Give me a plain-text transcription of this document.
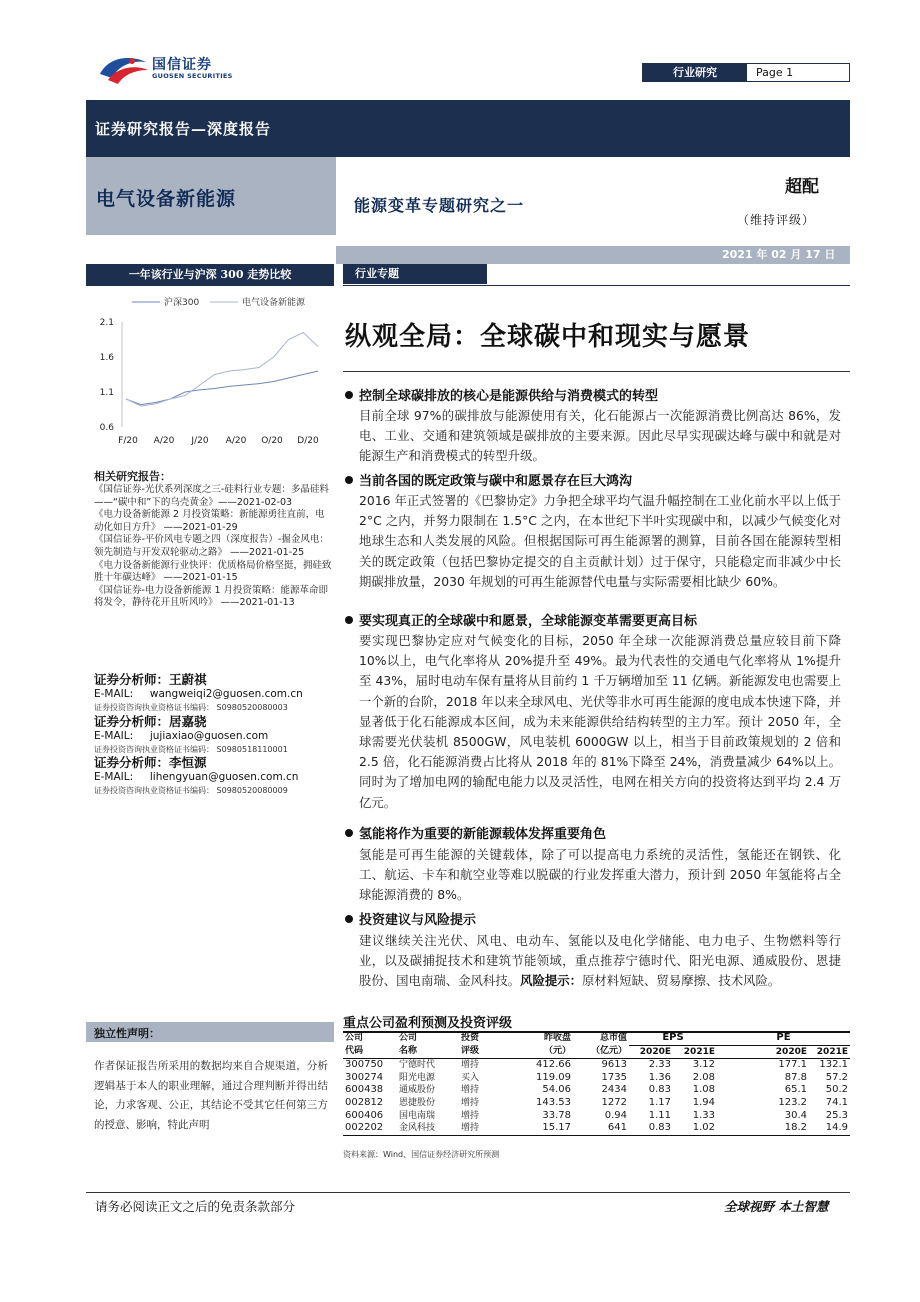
国信证券
GUOSEN SECURITIES	行业研究	Page 1
证券研究报告—深度报告
电气设备新能源	能源变革专题研究之一
超配
（维持评级）
2021 年 02 月 17 日
一年该行业与沪深 300 走势比较
沪深300	电气设备新能源
2.1
1.6
1.1
0.6
F/20 A/20 J/20 A/20 O/20 D/20
相关研究报告：
《国信证券-光伏系列深度之三-硅料行业专题：多晶硅料——“碳中和”下的乌壳黄金》——2021-02-03
《电力设备新能源 2 月投资策略：新能源勇往直前，电动化如日方升》 ——2021-01-29
《国信证券-平价风电专题之四（深度报告）-掘金风电：领先制造与开发双轮驱动之路》 ——2021-01-25
《电力设备新能源行业快评：优质格局价格坚挺，拥硅致胜十年碳达峰》 ——2021-01-15
《国信证券-电力设备新能源 1 月投资策略：能源革命即将发令，静待花开且听风吟》 ——2021-01-13
证券分析师：王蔚祺
E-MAIL: wangweiqi2@guosen.com.cn
证券投资咨询执业资格证书编码： S0980520080003
证券分析师：居嘉骁
E-MAIL: jujiaxiao@guosen.com
证券投资咨询执业资格证书编码： S0980518110001
证券分析师：李恒源
E-MAIL: lihengyuan@guosen.com.cn
证券投资咨询执业资格证书编码： S0980520080009
独立性声明：
作者保证报告所采用的数据均来自合规渠道，分析逻辑基于本人的职业理解，通过合理判断并得出结论，力求客观、公正，其结论不受其它任何第三方的授意、影响，特此声明
行业专题
纵观全局：全球碳中和现实与愿景
控制全球碳排放的核心是能源供给与消费模式的转型
目前全球 97%的碳排放与能源使用有关，化石能源占一次能源消费比例高达 86%，发电、工业、交通和建筑领域是碳排放的主要来源。因此尽早实现碳达峰与碳中和就是对能源生产和消费模式的转型升级。
当前各国的既定政策与碳中和愿景存在巨大鸿沟
2016 年正式签署的《巴黎协定》力争把全球平均气温升幅控制在工业化前水平以上低于 2°C 之内，并努力限制在 1.5°C 之内，在本世纪下半叶实现碳中和，以减少气候变化对地球生态和人类发展的风险。但根据国际可再生能源署的测算，目前各国在能源转型相关的既定政策（包括巴黎协定提交的自主贡献计划）过于保守，只能稳定而非减少中长期碳排放量，2030 年规划的可再生能源替代电量与实际需要相比缺少 60%。
要实现真正的全球碳中和愿景，全球能源变革需要更高目标
要实现巴黎协定应对气候变化的目标，2050 年全球一次能源消费总量应较目前下降 10%以上，电气化率将从 20%提升至 49%。最为代表性的交通电气化率将从 1%提升至 43%，届时电动车保有量将从目前约 1 千万辆增加至 11 亿辆。新能源发电也需要上一个新的台阶，2018 年以来全球风电、光伏等非水可再生能源的度电成本快速下降，并显著低于化石能源成本区间，成为未来能源供给结构转型的主力军。预计 2050 年，全球需要光伏装机 8500GW，风电装机 6000GW 以上，相当于目前政策规划的 2 倍和 2.5 倍，化石能源消费占比将从 2018 年的 81%下降至 24%，消费量减少 64%以上。同时为了增加电网的输配电能力以及灵活性，电网在相关方向的投资将达到平均 2.4 万亿元。
氢能将作为重要的新能源载体发挥重要角色
氢能是可再生能源的关键载体，除了可以提高电力系统的灵活性，氢能还在钢铁、化工、航运、卡车和航空业等难以脱碳的行业发挥重大潜力，预计到 2050 年氢能将占全球能源消费的 8%。
投资建议与风险提示
建议继续关注光伏、风电、电动车、氢能以及电化学储能、电力电子、生物燃料等行业，以及碳捕捉技术和建筑节能领域，重点推荐宁德时代、阳光电源、通威股份、恩捷股份、国电南瑞、金风科技。风险提示：原材料短缺、贸易摩擦、技术风险。
重点公司盈利预测及投资评级
公司	公司	投资	昨收盘	总市值	EPS		PE	
代码	名称	评级	（元）	（亿元）	2020E	2021E	2020E	2021E
300750	宁德时代	增持	412.66	9613	2.33	3.12	177.1	132.1
300274	阳光电源	买入	119.09	1735	1.36	2.08	87.8	57.2
600438	通威股份	增持	54.06	2434	0.83	1.08	65.1	50.2
002812	恩捷股份	增持	143.53	1272	1.17	1.94	123.2	74.1
600406	国电南瑞	增持	33.78	0.94	1.11	1.33	30.4	25.3
002202	金风科技	增持	15.17	641	0.83	1.02	18.2	14.9
资料来源：Wind、国信证券经济研究所预测
请务必阅读正文之后的免责条款部分	全球视野 本土智慧
